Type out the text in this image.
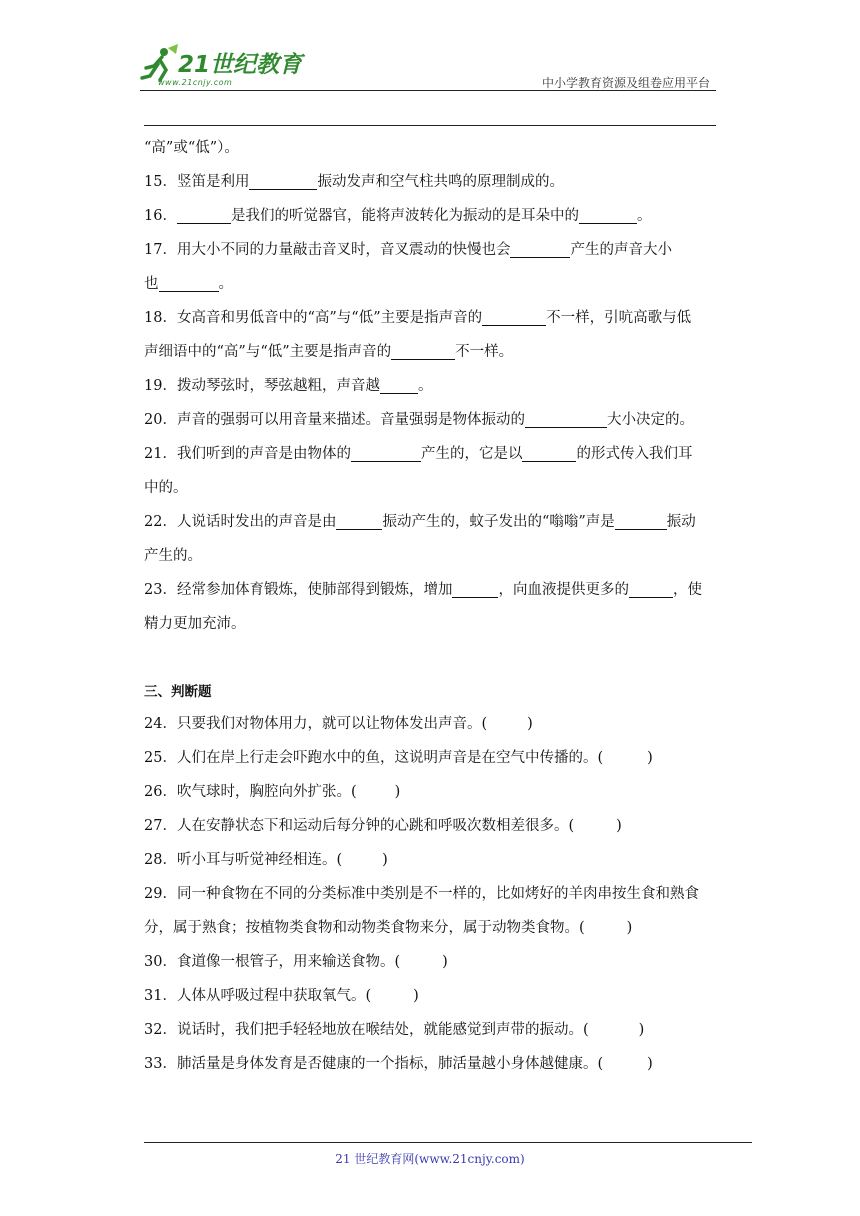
21世纪教育
www.21cnjy.com	中小学教育资源及组卷应用平台
“高”或“低”）。
15．竖笛是利用	振动发声和空气柱共鸣的原理制成的。
16．	是我们的听觉器官，能将声波转化为振动的是耳朵中的	。
17．用大小不同的力量敲击音叉时，音叉震动的快慢也会	产生的声音大小
也	。
18．女高音和男低音中的“高”与“低”主要是指声音的	不一样，引吭高歌与低
声细语中的“高”与“低”主要是指声音的	不一样。
19．拨动琴弦时，琴弦越粗，声音越	。
20．声音的强弱可以用音量来描述。音量强弱是物体振动的	大小决定的。
21．我们听到的声音是由物体的	产生的，它是以	的形式传入我们耳
中的。
22．人说话时发出的声音是由	振动产生的，蚊子发出的“嗡嗡”声是	振动
产生的。
23．经常参加体育锻炼，使肺部得到锻炼，增加	，向血液提供更多的	，使
精力更加充沛。
三、判断题
24．只要我们对物体用力，就可以让物体发出声音。(	)
25．人们在岸上行走会吓跑水中的鱼，这说明声音是在空气中传播的。(	)
26．吹气球时，胸腔向外扩张。(	)
27．人在安静状态下和运动后每分钟的心跳和呼吸次数相差很多。(	)
28．听小耳与听觉神经相连。(	)
29．同一种食物在不同的分类标准中类别是不一样的，比如烤好的羊肉串按生食和熟食
分，属于熟食；按植物类食物和动物类食物来分，属于动物类食物。(	)
30．食道像一根管子，用来输送食物。(	)
31．人体从呼吸过程中获取氧气。(	)
32．说话时，我们把手轻轻地放在喉结处，就能感觉到声带的振动。(	)
33．肺活量是身体发育是否健康的一个指标，肺活量越小身体越健康。(	)
21 世纪教育网(www.21cnjy.com)
